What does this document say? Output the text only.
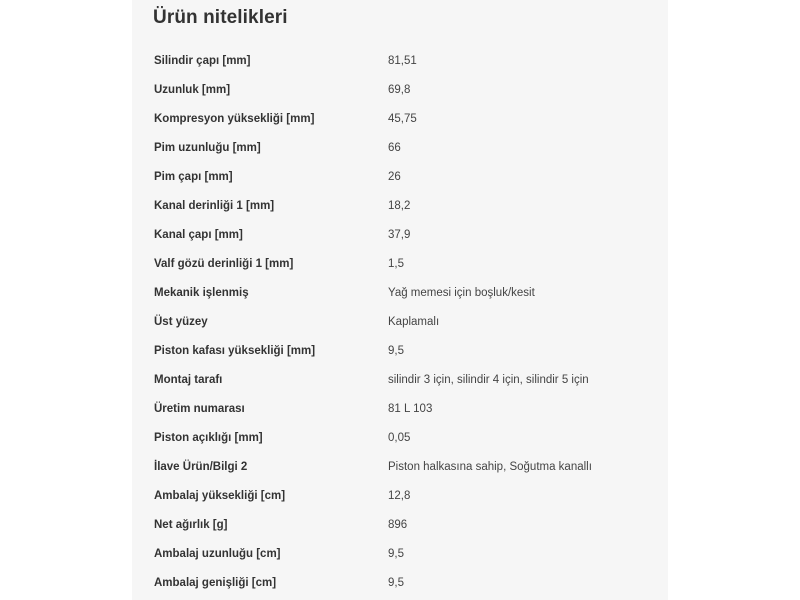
Ürün nitelikleri
Silindir çapı [mm]	81,51
Uzunluk [mm]	69,8
Kompresyon yüksekliği [mm]	45,75
Pim uzunluğu [mm]	66
Pim çapı [mm]	26
Kanal derinliği 1 [mm]	18,2
Kanal çapı [mm]	37,9
Valf gözü derinliği 1 [mm]	1,5
Mekanik işlenmiş	Yağ memesi için boşluk/kesit
Üst yüzey	Kaplamalı
Piston kafası yüksekliği [mm]	9,5
Montaj tarafı	silindir 3 için, silindir 4 için, silindir 5 için
Üretim numarası	81 L 103
Piston açıklığı [mm]	0,05
İlave Ürün/Bilgi 2	Piston halkasına sahip, Soğutma kanallı
Ambalaj yüksekliği [cm]	12,8
Net ağırlık [g]	896
Ambalaj uzunluğu [cm]	9,5
Ambalaj genişliği [cm]	9,5
